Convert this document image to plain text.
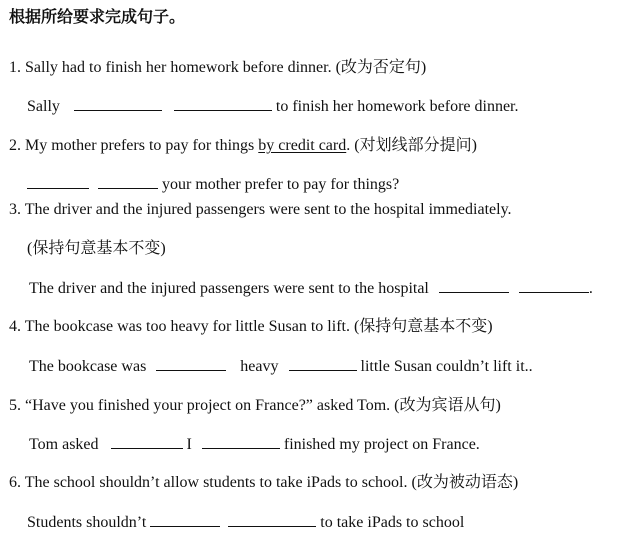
根据所给要求完成句子。
1. Sally had to finish her homework before dinner. (改为否定句)
Sally	to finish her homework before dinner.
2. My mother prefers to pay for things by credit card. (对划线部分提问)
your mother prefer to pay for things?
3. The driver and the injured passengers were sent to the hospital immediately.
(保持句意基本不变)
The driver and the injured passengers were sent to the hospital	.
4. The bookcase was too heavy for little Susan to lift. (保持句意基本不变)
The bookcase was	heavy	little Susan couldn’t lift it..
5. “Have you finished your project on France?” asked Tom. (改为宾语从句)
Tom asked	I	finished my project on France.
6. The school shouldn’t allow students to take iPads to school. (改为被动语态)
Students shouldn’t	to take iPads to school
